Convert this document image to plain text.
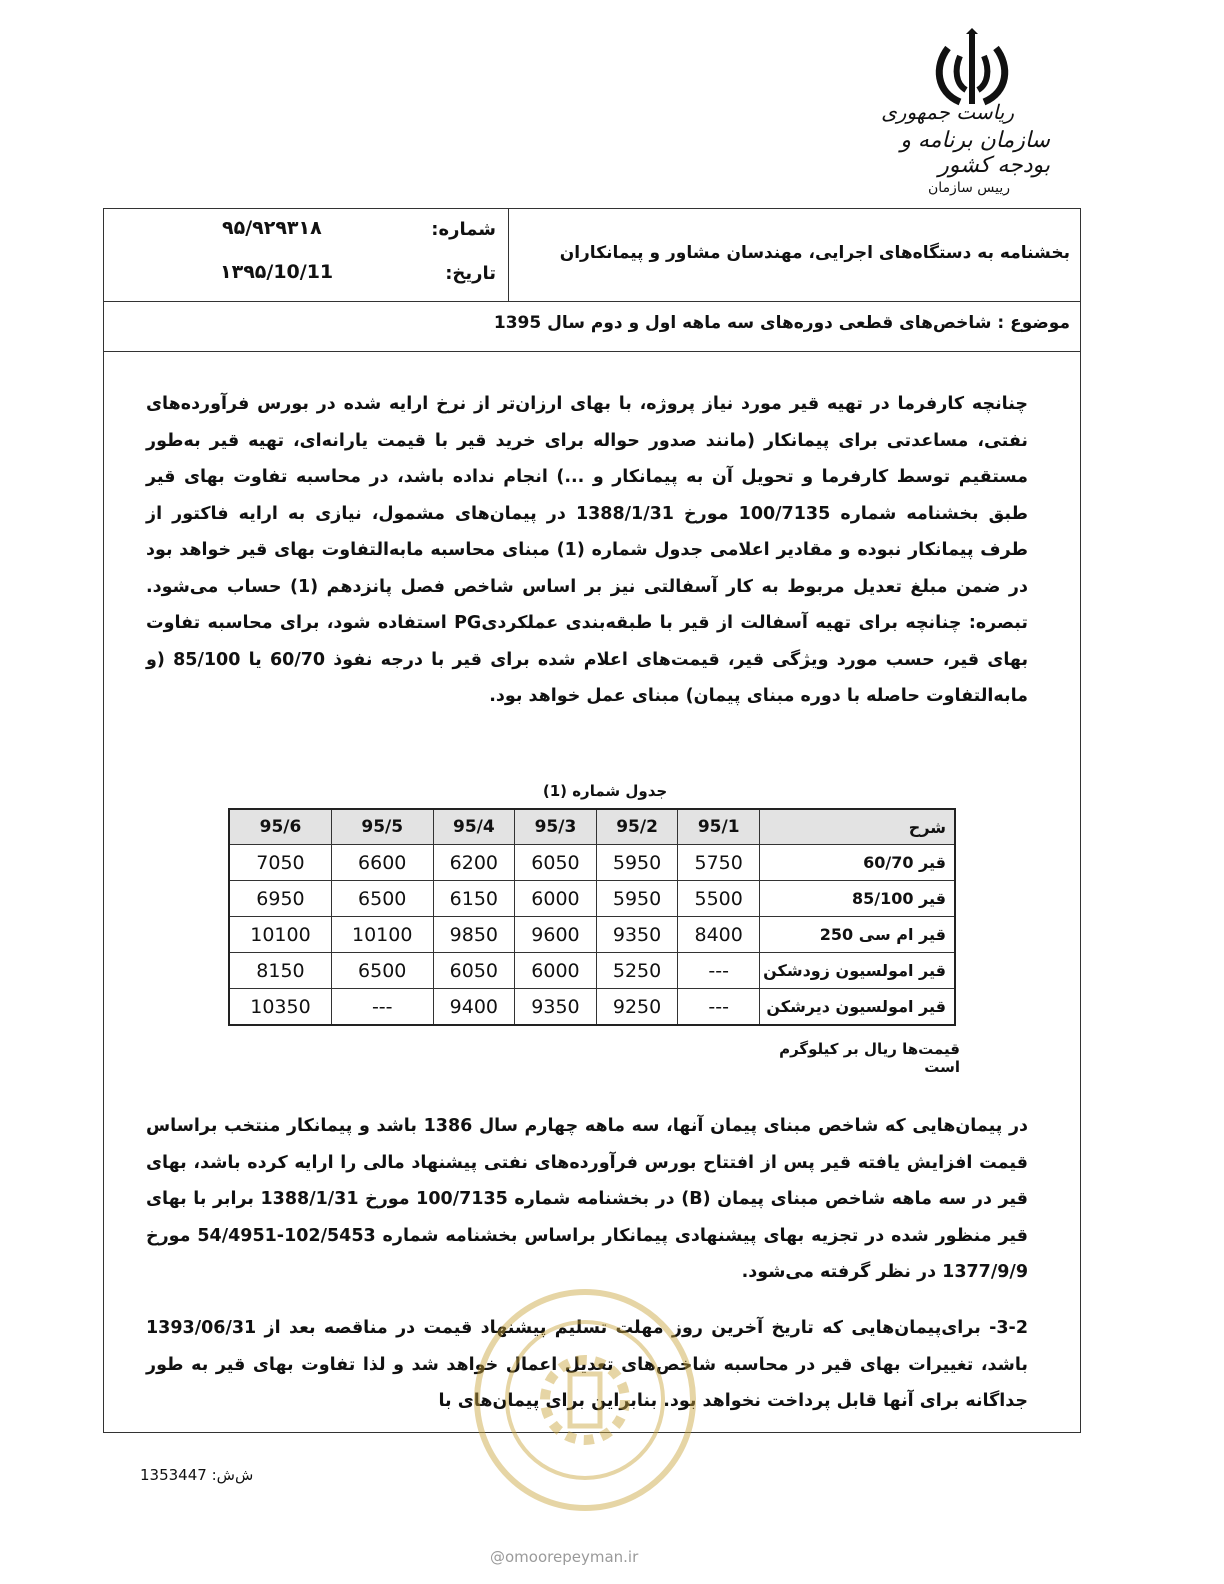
ریاست جمهوری
سازمان برنامه و بودجه کشور
رییس سازمان
بخشنامه به دستگاه‌های اجرایی، مهندسان مشاور و پیمانکاران
شماره:
۹۵/۹۲۹۳۱۸
تاریخ:
۱۳۹۵/10/11
موضوع : شاخص‌های قطعی دوره‌های سه ماهه اول و دوم سال 1395
چنانچه کارفرما در تهیه قیر مورد نیاز پروژه، با بهای ارزان‌تر از نرخ ارایه شده در بورس فرآورده‌های نفتی، مساعدتی برای پیمانکار (مانند صدور حواله برای خرید قیر با قیمت یارانه‌ای، تهیه قیر به‌طور مستقیم توسط کارفرما و تحویل آن به پیمانکار و ...) انجام نداده باشد، در محاسبه تفاوت بهای قیر طبق بخشنامه شماره 100/7135 مورخ 1388/1/31 در پیمان‌های مشمول، نیازی به ارایه فاکتور از طرف پیمانکار نبوده و مقادیر اعلامی جدول شماره (1) مبنای محاسبه مابه‌التفاوت بهای قیر خواهد بود در ضمن مبلغ تعدیل مربوط به کار آسفالتی نیز بر اساس شاخص فصل پانزدهم (1) حساب می‌شود. تبصره: چنانچه برای تهیه آسفالت از قیر با طبقه‌بندی عملکردیPG استفاده شود، برای محاسبه تفاوت بهای قیر، حسب مورد ویژگی قیر، قیمت‌های اعلام شده برای قیر با درجه نفوذ 60/70 یا 85/100 (و مابه‌التفاوت حاصله با دوره مبنای پیمان) مبنای عمل خواهد بود.
جدول شماره (1)
95/6	95/5	95/4	95/3	95/2	95/1	شرح
7050	6600	6200	6050	5950	5750	قیر 60/70
6950	6500	6150	6000	5950	5500	قیر 85/100
10100	10100	9850	9600	9350	8400	قیر ام سی 250
8150	6500	6050	6000	5250	---	قیر امولسیون زودشکن
10350	---	9400	9350	9250	---	قیر امولسیون دیرشکن
قیمت‌ها ریال بر کیلوگرم است
در پیمان‌هایی که شاخص مبنای پیمان آنها، سه ماهه چهارم سال 1386 باشد و پیمانکار منتخب براساس قیمت افزایش یافته قیر پس از افتتاح بورس فرآورده‌های نفتی پیشنهاد مالی را ارایه کرده باشد، بهای قیر در سه ماهه شاخص مبنای پیمان (B) در بخشنامه شماره 100/7135 مورخ 1388/1/31 برابر با بهای قیر منظور شده در تجزیه بهای پیشنهادی پیمانکار براساس بخشنامه شماره 102/5453-54/4951 مورخ 1377/9/9 در نظر گرفته می‌شود.
3-2- برای‌پیمان‌هایی که تاریخ آخرین روز مهلت تسلیم پیشنهاد قیمت در مناقصه بعد از 1393/06/31 باشد، تغییرات بهای قیر در محاسبه شاخص‌های تعدیل اعمال خواهد شد و لذا تفاوت بهای قیر به طور جداگانه برای آنها قابل پرداخت نخواهد بود. بنابراین برای پیمان‌های با
ش‌ش: 1353447
@omoorepeyman.ir
